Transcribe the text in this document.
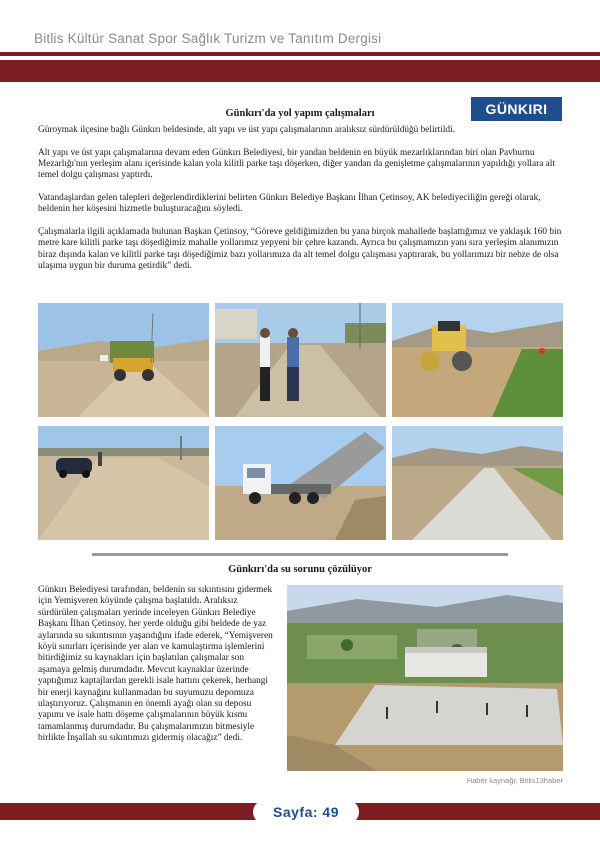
Bitlis Kültür Sanat Spor Sağlık Turizm ve Tanıtım Dergisi
GÜNKIRI
Günkırı'da yol yapım çalışmaları

Güroymak ilçesine bağlı Günkırı beldesinde, alt yapı ve üst yapı çalışmalarının aralıksız sürdürüldüğü belirtildi.

Alt yapı ve üst yapı çalışmalarına devam eden Günkırı Belediyesi, bir yandan beldenin en büyük mezarlıklarından biri olan Pavburnu Mezarlığı'nın yerleşim alanı içerisinde kalan yola kilitli parke taşı döşerken, diğer yandan da genişletme çalışmalarının yapıldığı yollara alt temel dolgu çalışması yaptırdı.

Vatandaşlardan gelen talepleri değerlendirdiklerini belirten Günkırı Belediye Başkanı İlhan Çetinsoy, AK belediyeciliğin gereği olarak, beldenin her köşesini hizmetle buluşturacağını söyledi.

Çalışmalarla ilgili açıklamada bulunan Başkan Çetinsoy, “Göreve geldiğimizden bu yana birçok mahallede başlattığımız ve yaklaşık 160 bin metre kare kilitli parke taşı döşediğimiz mahalle yollarımız yepyeni bir çehre kazandı. Ayrıca bu çalışmamızın yanı sıra yerleşim alanımızın biraz dışında kalan ve kilitli parke taşı döşediğimiz bazı yollarımıza da alt temel dolgu çalışması yaptırarak, bu yollarımızı bir nebze de olsa ulaşıma uygun bir duruma getirdik” dedi.

Günkırı'da su sorunu çözülüyor
Günkırı Belediyesi tarafından, beldenin su sıkıntısını gidermek için Yemişveren köyünde çalışma başlatıldı. Aralıksız sürdürülen çalışmaları yerinde inceleyen Günkırı Belediye Başkanı İlhan Çetinsoy, her yerde olduğu gibi beldede de yaz aylarında su sıkıntısının yaşandığını ifade ederek, “Yemişveren köyü sınırları içerisinde yer alan ve kamulaştırma işlemlerini bitirdiğimiz su kaynakları için başlatılan çalışmalar son aşamaya gelmiş durumdadır. Mevcut kaynaklar üzerinde yaptığımız kaptajlardan gerekli isale hattını çekerek, herhangi bir enerji kaynağını kullanmadan bu suyumuzu depomuza ulaştırıyoruz. Çalışmanın en önemli ayağı olan su deposu yapımı ve isale hattı döşeme çalışmalarının büyük kısmı tamamlanmış durumdadır. Bu çalışmalarımızın bitmesiyle birlikte İnşallah su sıkıntımızı gidermiş olacağız” dedi.
Haber kaynağı: Bitlis13haber
Sayfa: 49
